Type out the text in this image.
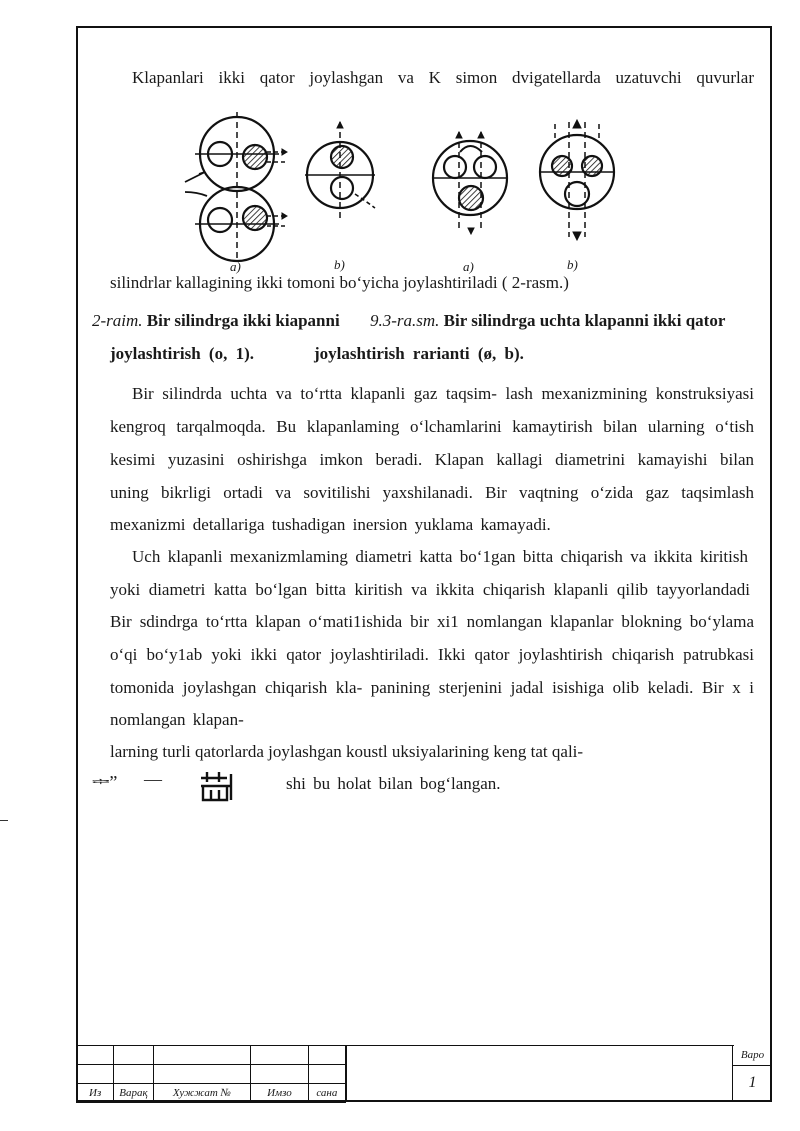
Klapanlari ikki qator joylashgan va K simon dvigatellarda uzatuvchi quvurlar
a)	b)	a)	b)
silindrlar kallagining ikki tomoni bo‘yicha joylashtiriladi ( 2-rasm.)
2-raim. Bir silindrga ikki kiapanni 9.3-ra.sm. Bir silindrga uchta klapanni ikki qator
joylashtirish (o, 1).	joylashtirish rarianti (ø, b).
Bir silindrda uchta va to‘rtta klapanli gaz taqsim- lash mexanizmining konstruksiyasi
kengroq tarqalmoqda. Bu klapanlaming o‘lchamlarini kamaytirish bilan ularning o‘tish
kesimi yuzasini oshirishga imkon beradi. Klapan kallagi diametrini kamayishi bilan
uning bikrligi ortadi va sovitilishi yaxshilanadi. Bir vaqtning o‘zida gaz taqsimlash
mexanizmi detallariga tushadigan inersion yuklama kamayadi.
Uch klapanli mexanizmlaming diametri katta bo‘1gan bitta chiqarish va ikkita kiritish
yoki diametri katta bo‘lgan bitta kiritish va ikkita chiqarish klapanli qilib tayyorlandadi
Bir sdindrga to‘rtta klapan o‘mati1ishida bir xi1 nomlangan klapanlar blokning bo‘ylama
o‘qi bo‘y1ab yoki ikki qator joylashtiriladi. Ikki qator joylashtirish chiqarish patrubkasi
tomonida joylashgan chiqarish kla- panining sterjenini jadal isishiga olib keladi. Bir x i
nomlangan klapan-
larning turli qatorlarda joylashgan koustl uksiyalarining keng tat qali-
ᆃ” —	shi bu holat bilan bog‘langan.

Из	Варақ	Хужжат №	Имзо	сана
Варо
1
